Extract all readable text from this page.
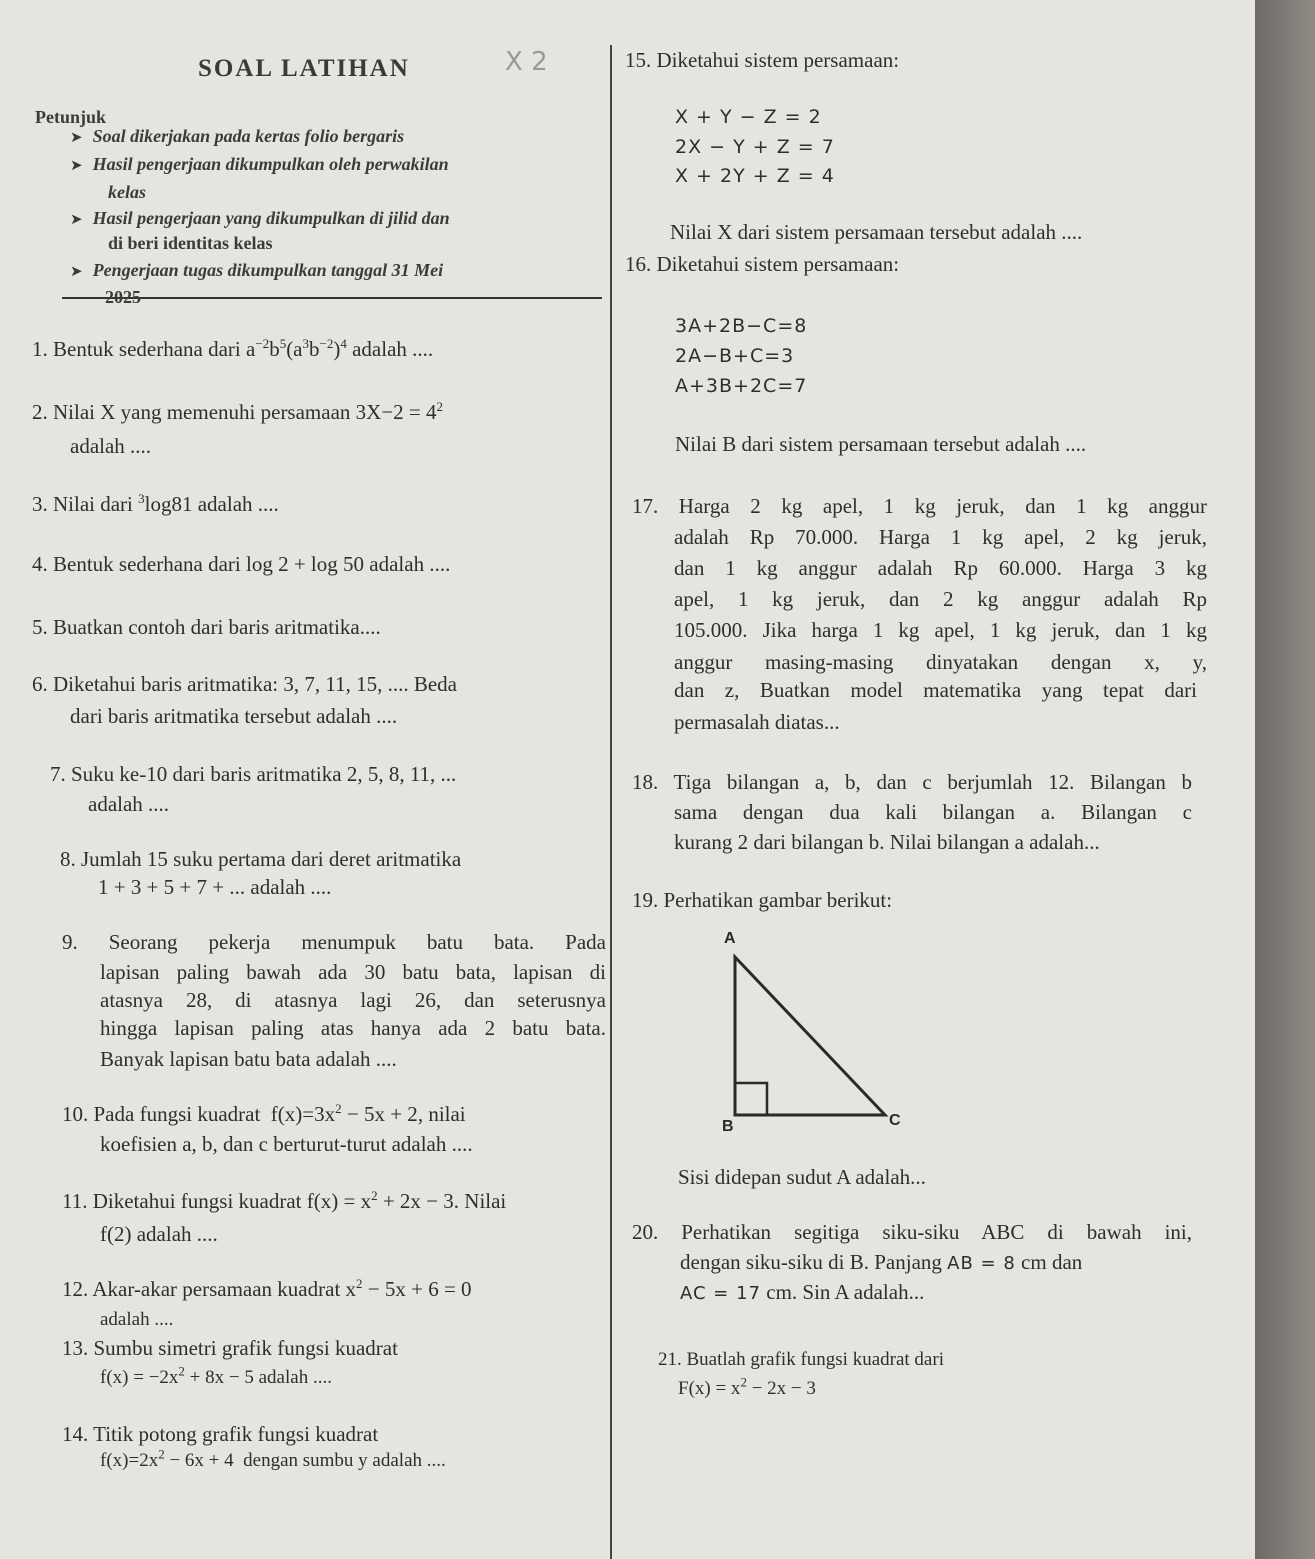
SOAL LATIHAN	X 2
Petunjuk
➤ Soal dikerjakan pada kertas folio bergaris
➤ Hasil pengerjaan dikumpulkan oleh perwakilan
kelas
➤ Hasil pengerjaan yang dikumpulkan di jilid dan
di beri identitas kelas
➤ Pengerjaan tugas dikumpulkan tanggal 31 Mei
2025
1. Bentuk sederhana dari $a^{-2}b^5(a^3b^{-2})^4$ adalah ....
2. Nilai X yang memenuhi persamaan $3X-2 = 4^2$
adalah ....
3. Nilai dari $^3$log81 adalah ....
4. Bentuk sederhana dari log 2 + log 50 adalah ....
5. Buatkan contoh dari baris aritmatika....
6. Diketahui baris aritmatika: 3, 7, 11, 15, .... Beda
dari baris aritmatika tersebut adalah ....
7. Suku ke-10 dari baris aritmatika 2, 5, 8, 11, ...
adalah ....
8. Jumlah 15 suku pertama dari deret aritmatika
1 + 3 + 5 + 7 + ... adalah ....
9. Seorang pekerja menumpuk batu bata. Pada
lapisan paling bawah ada 30 batu bata, lapisan di
atasnya 28, di atasnya lagi 26, dan seterusnya
hingga lapisan paling atas hanya ada 2 batu bata.
Banyak lapisan batu bata adalah ....
10. Pada fungsi kuadrat  $f(x)=3x^2 - 5x + 2$, nilai
koefisien a, b, dan c berturut-turut adalah ....
11. Diketahui fungsi kuadrat $f(x) = x^2 + 2x - 3$. Nilai
f(2) adalah ....
12. Akar-akar persamaan kuadrat $x^2 - 5x + 6 = 0$
adalah ....
13. Sumbu simetri grafik fungsi kuadrat
$f(x) = -2x^2 + 8x - 5$ adalah ....
14. Titik potong grafik fungsi kuadrat
$f(x)=2x^2 - 6x + 4$  dengan sumbu y adalah ....
15. Diketahui sistem persamaan:
X + Y − Z = 2
2X − Y + Z = 7
X + 2Y + Z = 4
Nilai X dari sistem persamaan tersebut adalah ....
16. Diketahui sistem persamaan:
3A+2B−C=8
2A−B+C=3
A+3B+2C=7
Nilai B dari sistem persamaan tersebut adalah ....
17. Harga 2 kg apel, 1 kg jeruk, dan 1 kg anggur
adalah Rp 70.000. Harga 1 kg apel, 2 kg jeruk,
dan 1 kg anggur adalah Rp 60.000. Harga 3 kg
apel, 1 kg jeruk, dan 2 kg anggur adalah Rp
105.000. Jika harga 1 kg apel, 1 kg jeruk, dan 1 kg
anggur masing-masing dinyatakan dengan x, y,
dan z, Buatkan model matematika yang tepat dari
permasalah diatas...
18. Tiga bilangan a, b, dan c berjumlah 12. Bilangan b
sama dengan dua kali bilangan a. Bilangan c
kurang 2 dari bilangan b. Nilai bilangan a adalah...
19. Perhatikan gambar berikut:
A
B	C
Sisi didepan sudut A adalah...
20. Perhatikan segitiga siku-siku ABC di bawah ini,
dengan siku-siku di B. Panjang AB = 8 cm dan
AC = 17 cm. Sin A adalah...
21. Buatlah grafik fungsi kuadrat dari
$F(x) = x^2 - 2x - 3$
